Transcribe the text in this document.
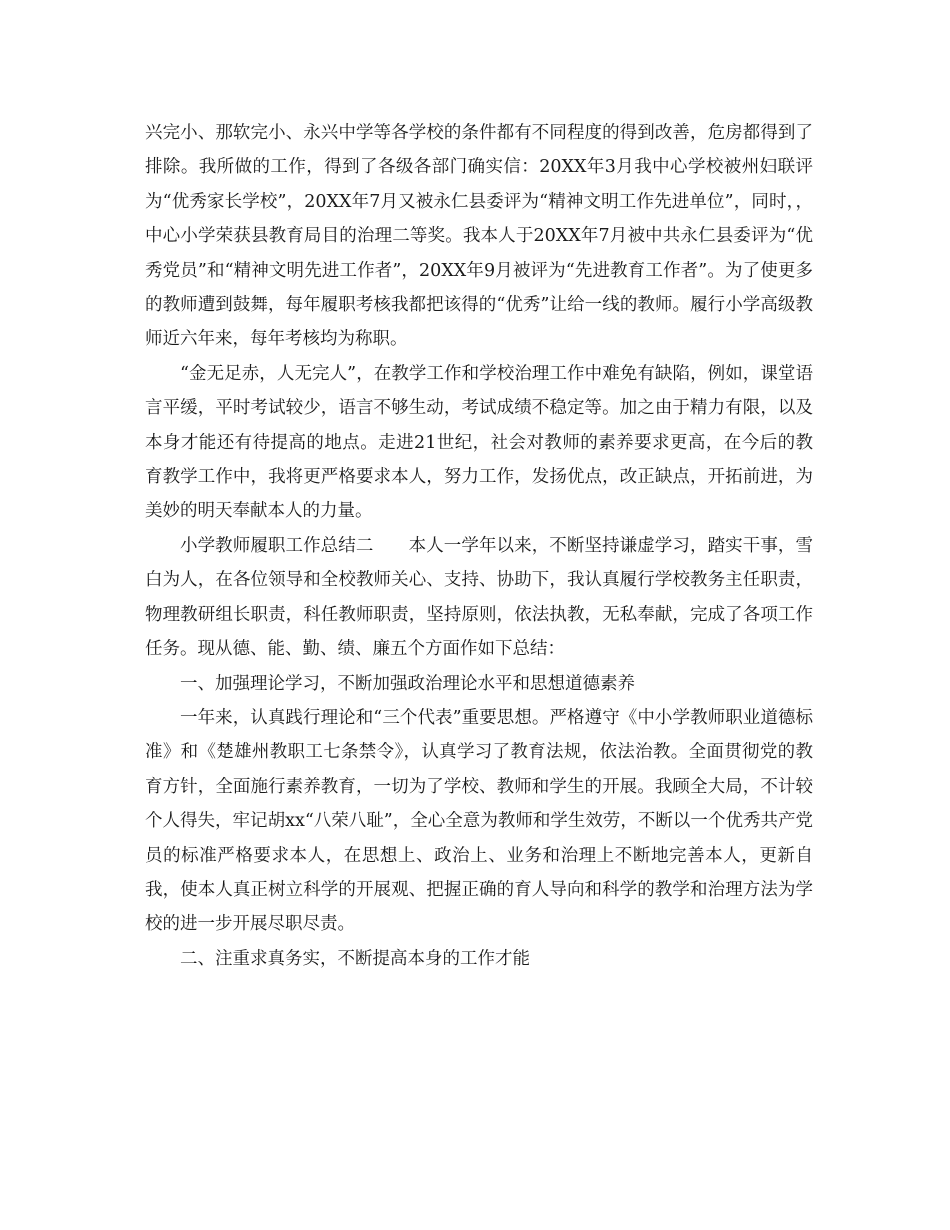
兴完小、那软完小、永兴中学等各学校的条件都有不同程度的得到改善，危房都得到了排除。我所做的工作，得到了各级各部门确实信：20XX年3月我中心学校被州妇联评为“优秀家长学校”，20XX年7月又被永仁县委评为“精神文明工作先进单位”，同时，，中心小学荣获县教育局目的治理二等奖。我本人于20XX年7月被中共永仁县委评为“优秀党员”和“精神文明先进工作者”，20XX年9月被评为“先进教育工作者”。为了使更多的教师遭到鼓舞，每年履职考核我都把该得的“优秀”让给一线的教师。履行小学高级教师近六年来，每年考核均为称职。

“金无足赤，人无完人”，在教学工作和学校治理工作中难免有缺陷，例如，课堂语言平缓，平时考试较少，语言不够生动，考试成绩不稳定等。加之由于精力有限，以及本身才能还有待提高的地点。走进21世纪，社会对教师的素养要求更高，在今后的教育教学工作中，我将更严格要求本人，努力工作，发扬优点，改正缺点，开拓前进，为美妙的明天奉献本人的力量。

小学教师履职工作总结二　　本人一学年以来，不断坚持谦虚学习，踏实干事，雪白为人，在各位领导和全校教师关心、支持、协助下，我认真履行学校教务主任职责，物理教研组长职责，科任教师职责，坚持原则，依法执教，无私奉献，完成了各项工作任务。现从德、能、勤、绩、廉五个方面作如下总结：

一、加强理论学习，不断加强政治理论水平和思想道德素养

一年来，认真践行理论和“三个代表”重要思想。严格遵守《中小学教师职业道德标准》和《楚雄州教职工七条禁令》，认真学习了教育法规，依法治教。全面贯彻党的教育方针，全面施行素养教育，一切为了学校、教师和学生的开展。我顾全大局，不计较个人得失，牢记胡xx“八荣八耻”，全心全意为教师和学生效劳，不断以一个优秀共产党员的标准严格要求本人，在思想上、政治上、业务和治理上不断地完善本人，更新自我，使本人真正树立科学的开展观、把握正确的育人导向和科学的教学和治理方法为学校的进一步开展尽职尽责。

二、注重求真务实，不断提高本身的工作才能
